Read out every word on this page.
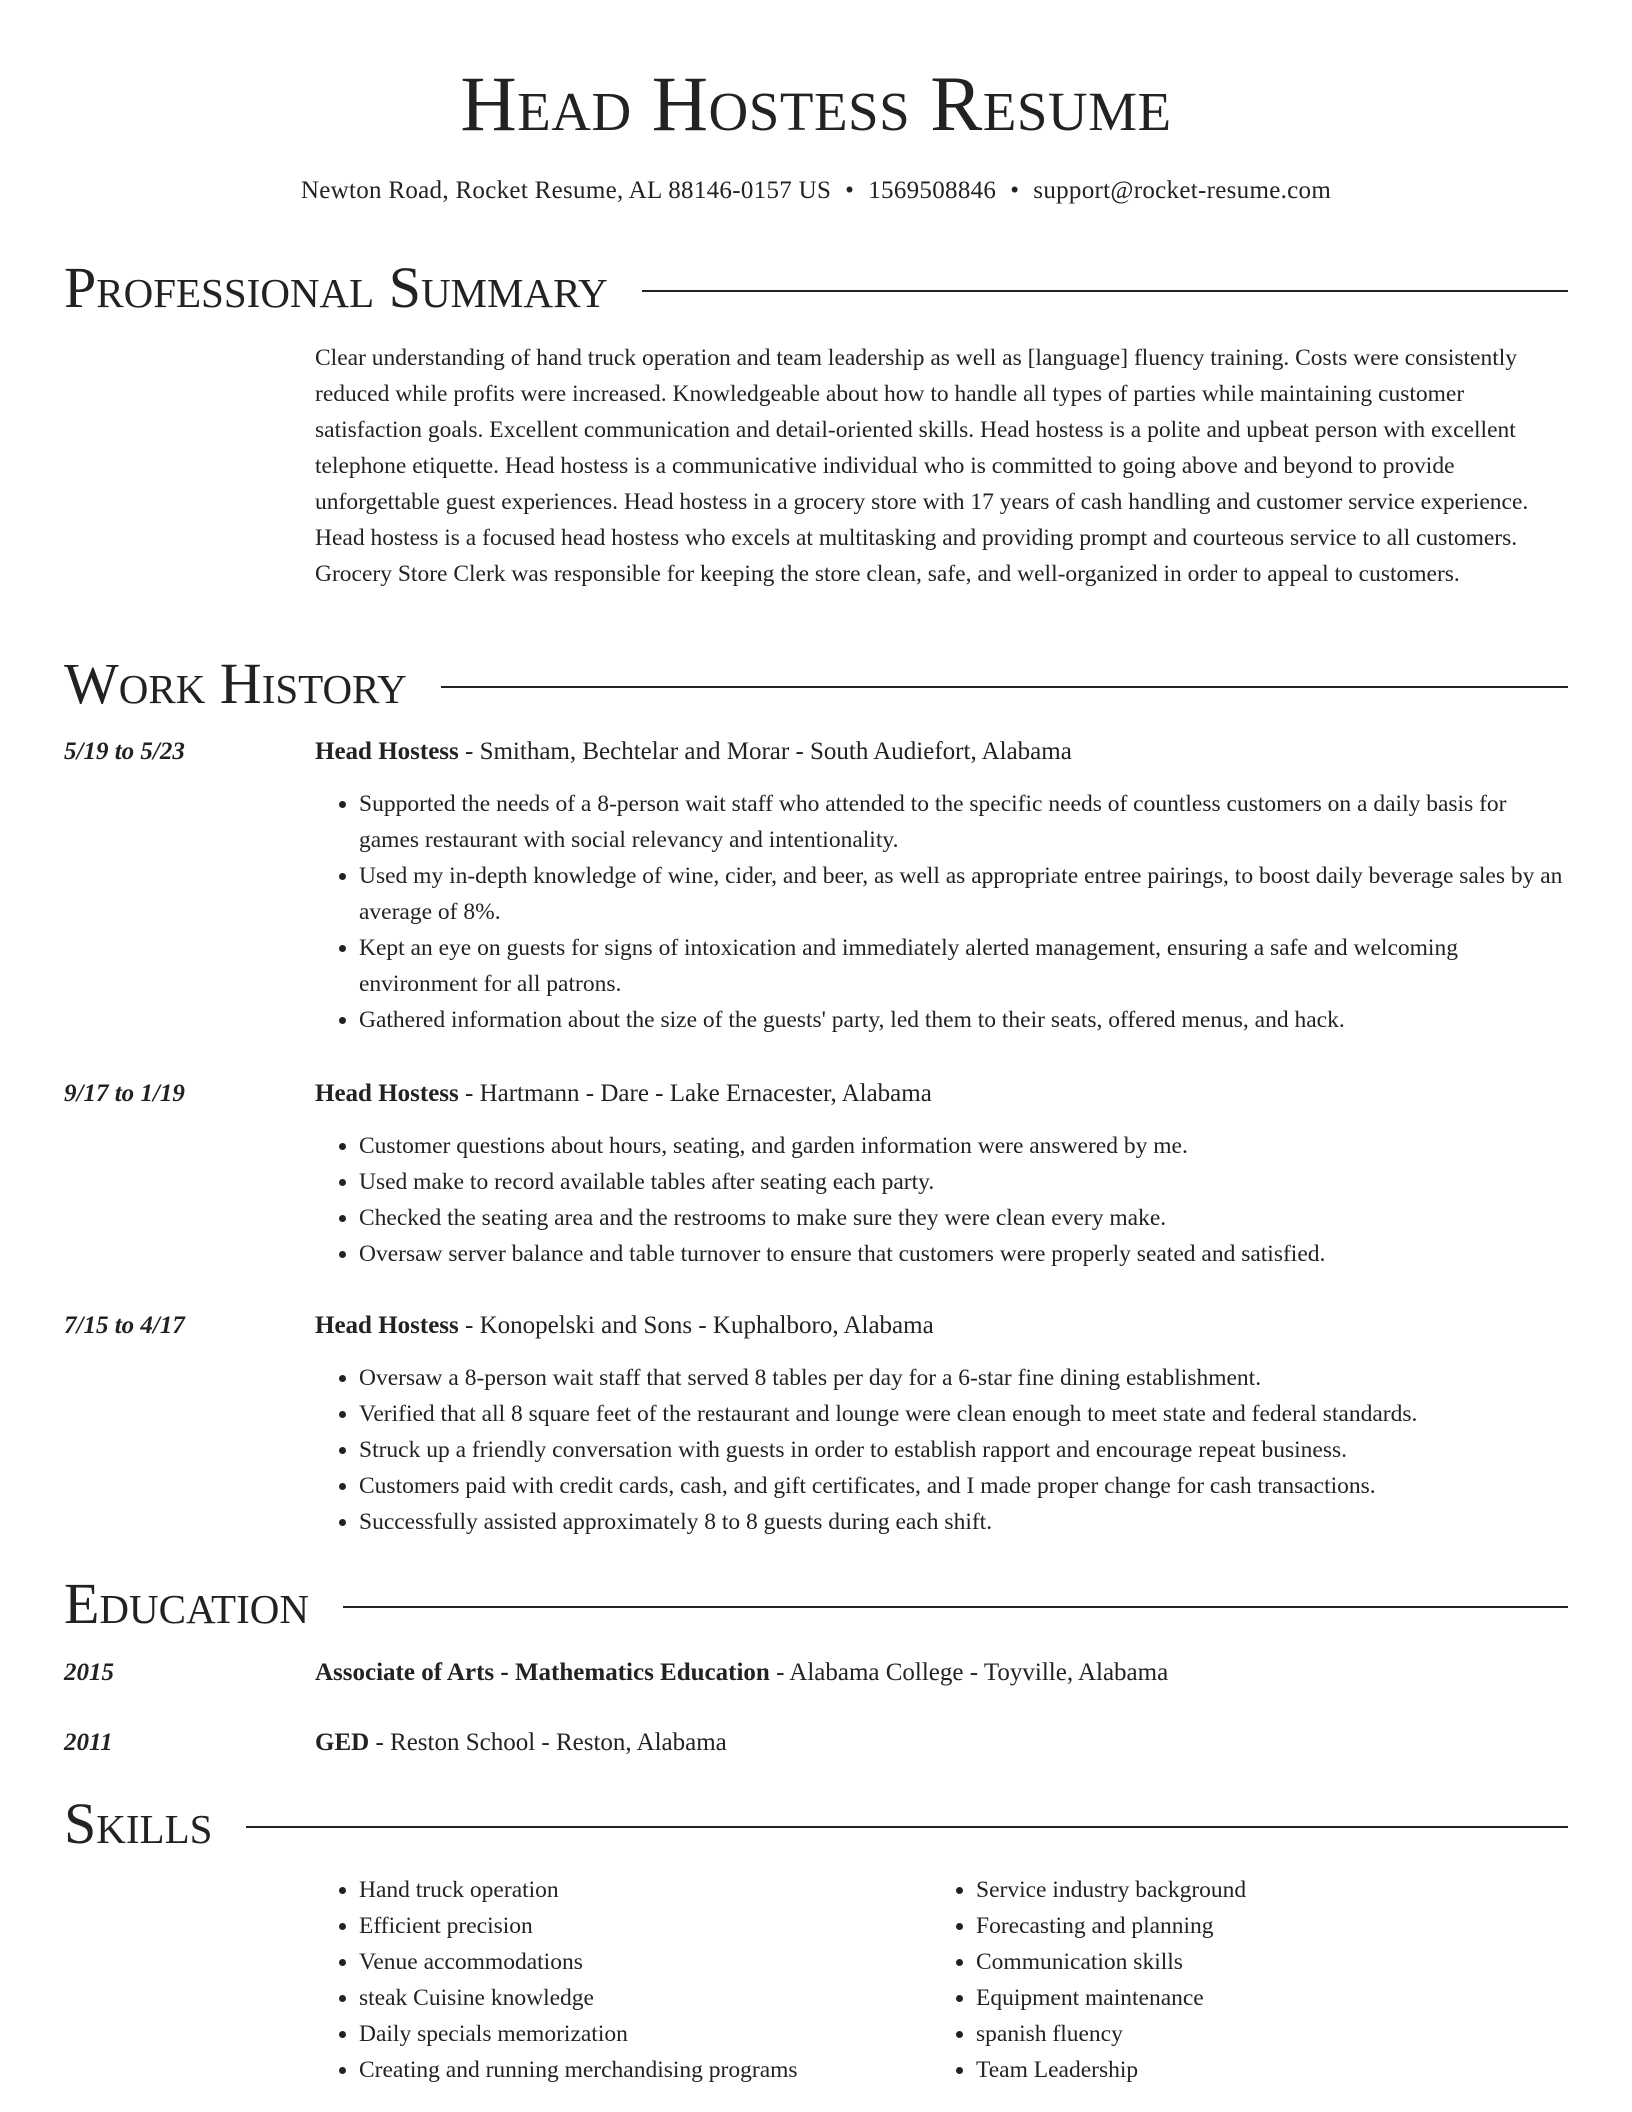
Head Hostess Resume
Newton Road, Rocket Resume, AL 88146-0157 US • 1569508846 • support@rocket-resume.com
Professional Summary

Clear understanding of hand truck operation and team leadership as well as [language] fluency training. Costs were consistently reduced while profits were increased. Knowledgeable about how to handle all types of parties while maintaining customer satisfaction goals. Excellent communication and detail-oriented skills. Head hostess is a polite and upbeat person with excellent telephone etiquette. Head hostess is a communicative individual who is committed to going above and beyond to provide unforgettable guest experiences. Head hostess in a grocery store with 17 years of cash handling and customer service experience. Head hostess is a focused head hostess who excels at multitasking and providing prompt and courteous service to all customers. Grocery Store Clerk was responsible for keeping the store clean, safe, and well-organized in order to appeal to customers.

Work History
5/19 to 5/23	Head Hostess - Smitham, Bechtelar and Morar - South Audiefort, Alabama
• Supported the needs of a 8-person wait staff who attended to the specific needs of countless customers on a daily basis for games restaurant with social relevancy and intentionality.
• Used my in-depth knowledge of wine, cider, and beer, as well as appropriate entree pairings, to boost daily beverage sales by an average of 8%.
• Kept an eye on guests for signs of intoxication and immediately alerted management, ensuring a safe and welcoming environment for all patrons.
• Gathered information about the size of the guests' party, led them to their seats, offered menus, and hack.
9/17 to 1/19	Head Hostess - Hartmann - Dare - Lake Ernacester, Alabama
• Customer questions about hours, seating, and garden information were answered by me.
• Used make to record available tables after seating each party.
• Checked the seating area and the restrooms to make sure they were clean every make.
• Oversaw server balance and table turnover to ensure that customers were properly seated and satisfied.
7/15 to 4/17	Head Hostess - Konopelski and Sons - Kuphalboro, Alabama
• Oversaw a 8-person wait staff that served 8 tables per day for a 6-star fine dining establishment.
• Verified that all 8 square feet of the restaurant and lounge were clean enough to meet state and federal standards.
• Struck up a friendly conversation with guests in order to establish rapport and encourage repeat business.
• Customers paid with credit cards, cash, and gift certificates, and I made proper change for cash transactions.
• Successfully assisted approximately 8 to 8 guests during each shift.
Education
2015	Associate of Arts - Mathematics Education - Alabama College - Toyville, Alabama
2011	GED - Reston School - Reston, Alabama
Skills
• Hand truck operation
• Efficient precision
• Venue accommodations
• steak Cuisine knowledge
• Daily specials memorization
• Creating and running merchandising programs
• Service industry background
• Forecasting and planning
• Communication skills
• Equipment maintenance
• spanish fluency
• Team Leadership
